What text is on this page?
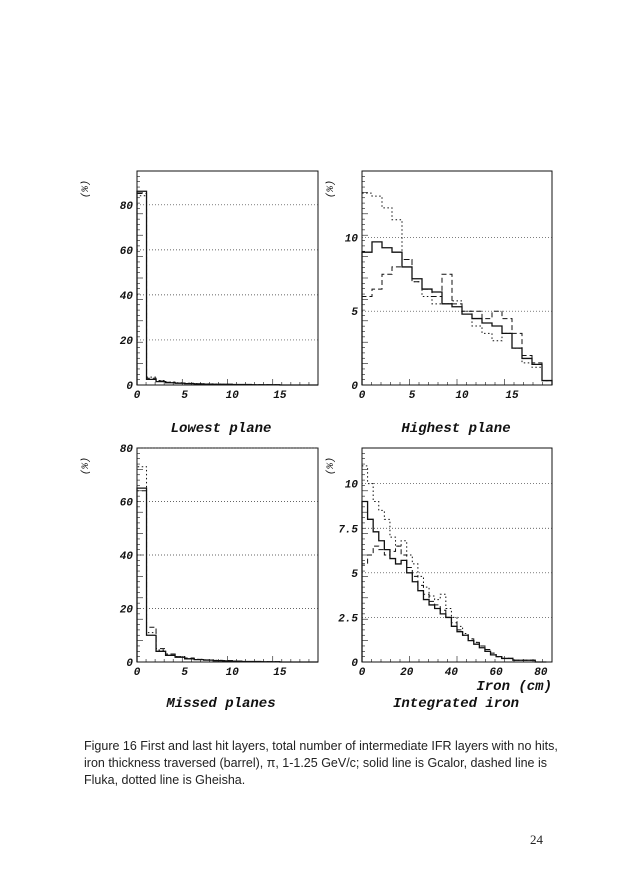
0
20
40
60
80
0	5	10	15
(%)
Lowest plane
0
5
10
0	5	10	15
(%)
Highest plane
0
20
40
60
80
0	5	10	15
(%)
Missed planes
0
2.5
5
7.5
10
0	20	40	60	80
(%)
Iron (cm)
Integrated iron
Figure 16 First and last hit layers, total number of intermediate IFR layers with no hits, iron thickness traversed (barrel), π, 1-1.25 GeV/c; solid line is Gcalor, dashed line is Fluka, dotted line is Gheisha.
24
